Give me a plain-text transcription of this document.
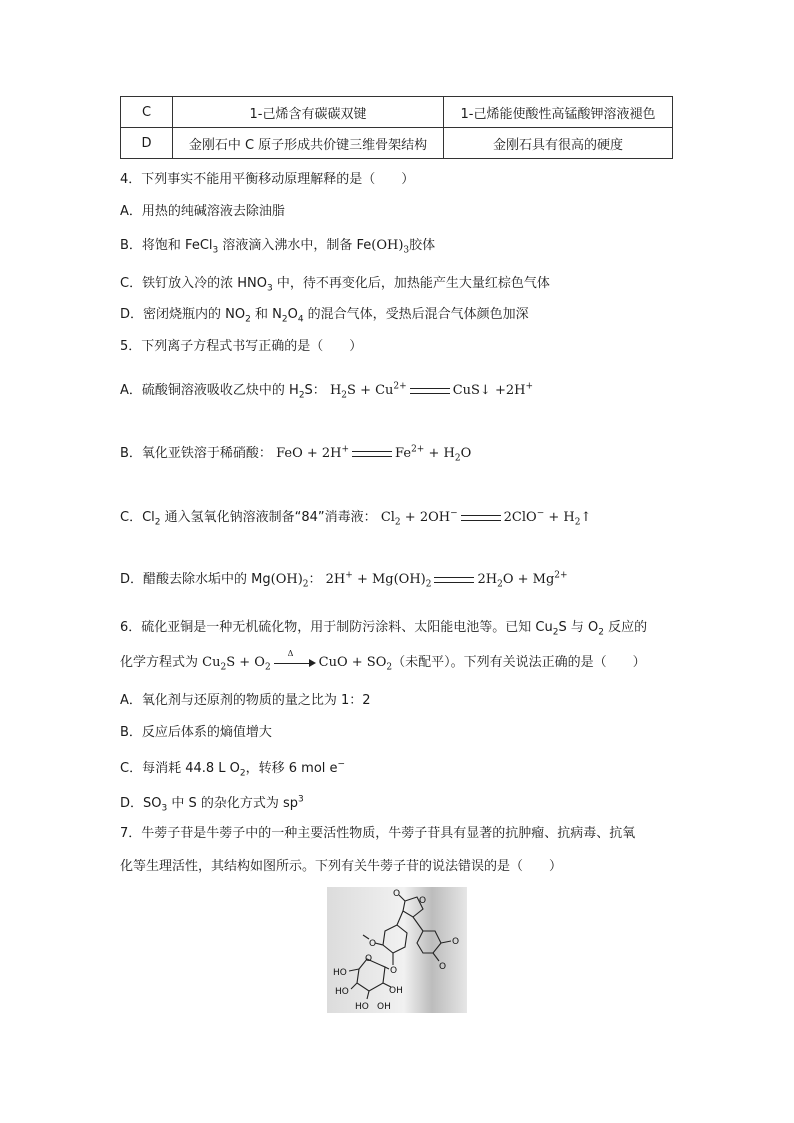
C	1-己烯含有碳碳双键	1-己烯能使酸性高锰酸钾溶液褪色
D	金刚石中 C 原子形成共价键三维骨架结构	金刚石具有很高的硬度
4．下列事实不能用平衡移动原理解释的是（　　）
A．用热的纯碱溶液去除油脂
B．将饱和 FeCl$_3$ 溶液滴入沸水中，制备 $Fe(OH)_3$胶体
C．铁钉放入冷的浓 $HNO_3$ 中，待不再变化后，加热能产生大量红棕色气体
D．密闭烧瓶内的 $NO_2$ 和 $N_2O_4$ 的混合气体，受热后混合气体颜色加深
5．下列离子方程式书写正确的是（　　）
A．硫酸铜溶液吸收乙炔中的 $H_2S$： $H_2S + Cu^{2+}$	CuS↓ +2H+
B．氧化亚铁溶于稀硝酸： FeO + 2H+	$Fe^{2+} + H_2O$
C．$Cl_2$ 通入氢氧化钠溶液制备“84”消毒液： $Cl_2 + 2OH^-$	$2ClO^- + H_2↑$
D．醋酸去除水垢中的 $Mg(OH)_2$： $2H^+ + Mg(OH)_2$	$2H_2O + Mg^{2+}$
6．硫化亚铜是一种无机硫化物，用于制防污涂料、太阳能电池等。已知 $Cu_2S$ 与 $O_2$ 反应的
化学方程式为 $Cu_2S + O_2$
Δ
CuO + $SO_2$（未配平）。下列有关说法正确的是（　　）
A．氧化剂与还原剂的物质的量之比为 1：2
B．反应后体系的熵值增大
C．每消耗 44.8 L $O_2$，转移 6 mol e−
D．$SO_3$ 中 S 的杂化方式为 $sp^3$
7．牛蒡子苷是牛蒡子中的一种主要活性物质，牛蒡子苷具有显著的抗肿瘤、抗病毒、抗氧
化等生理活性，其结构如图所示。下列有关牛蒡子苷的说法错误的是（　　）
O
O
O
O
O
O
O
HO
HO	OH
HO OH
